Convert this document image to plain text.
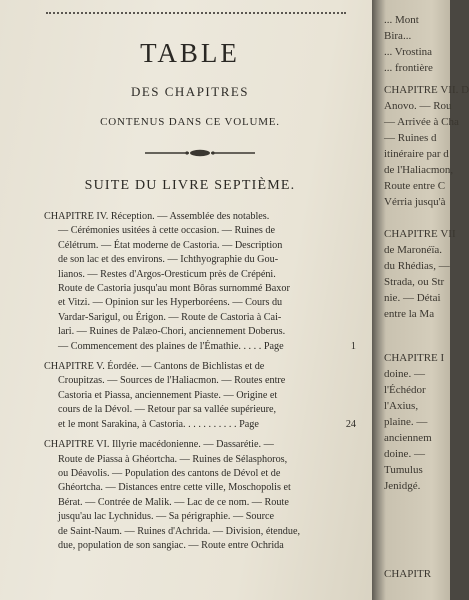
TABLE
DES CHAPITRES
CONTENUS DANS CE VOLUME.
SUITE DU LIVRE SEPTIÈME.
CHAPITRE IV. Réception. — Assemblée des notables.
— Cérémonies usitées à cette occasion. — Ruines de
Célétrum. — État moderne de Castoria. — Description
de son lac et des environs. — Ichthyographie du Gou-
lianos. — Restes d'Argos-Oresticum près de Crépéni.
Route de Castoria jusqu'au mont Bôras surnommé Baxor
et Vitzi. — Opinion sur les Hyperboréens. — Cours du
Vardar-Sarigul, ou Érigon. — Route de Castoria à Cai-
lari. — Ruines de Palæo-Chori, anciennement Doberus.
— Commencement des plaines de l'Émathie. . . . . Page	1
CHAPITRE V. Éordée. — Cantons de Bichlistas et de
Croupitzas. — Sources de l'Haliacmon. — Routes entre
Castoria et Piassa, anciennement Piaste. — Origine et
cours de la Dévol. — Retour par sa vallée supérieure,
et le mont Sarakina, à Castoria. . . . . . . . . . . Page	24
CHAPITRE VI. Illyrie macédonienne. — Dassarétie. —
Route de Piassa à Ghéortcha. — Ruines de Sélasphoros,
ou Déavolis. — Population des cantons de Dévol et de
Ghéortcha. — Distances entre cette ville, Moschopolis et
Bérat. — Contrée de Malik. — Lac de ce nom. — Route
jusqu'au lac Lychnidus. — Sa périgraphie. — Source
de Saint-Naum. — Ruines d'Achrida. — Division, étendue,
due, population de son sangiac. — Route entre Ochrida
... Mont
Bira...
... Vrostina
... frontière
CHAPITRE VII. D
Anovo. — Rou
— Arrivée à Cha
— Ruines d
itinéraire par d
de l'Haliacmon,
Route entre C
Vérria jusqu'à
CHAPITRE VII
de Maronéïa.
du Rhédias, —
Strada, ou Str
nie. — Détai
entre la Ma
CHAPITRE I
doine. —
l'Échédor
l'Axius,
plaine. —
anciennem
doine. —
Tumulus
Jenidgé.
CHAPITR
